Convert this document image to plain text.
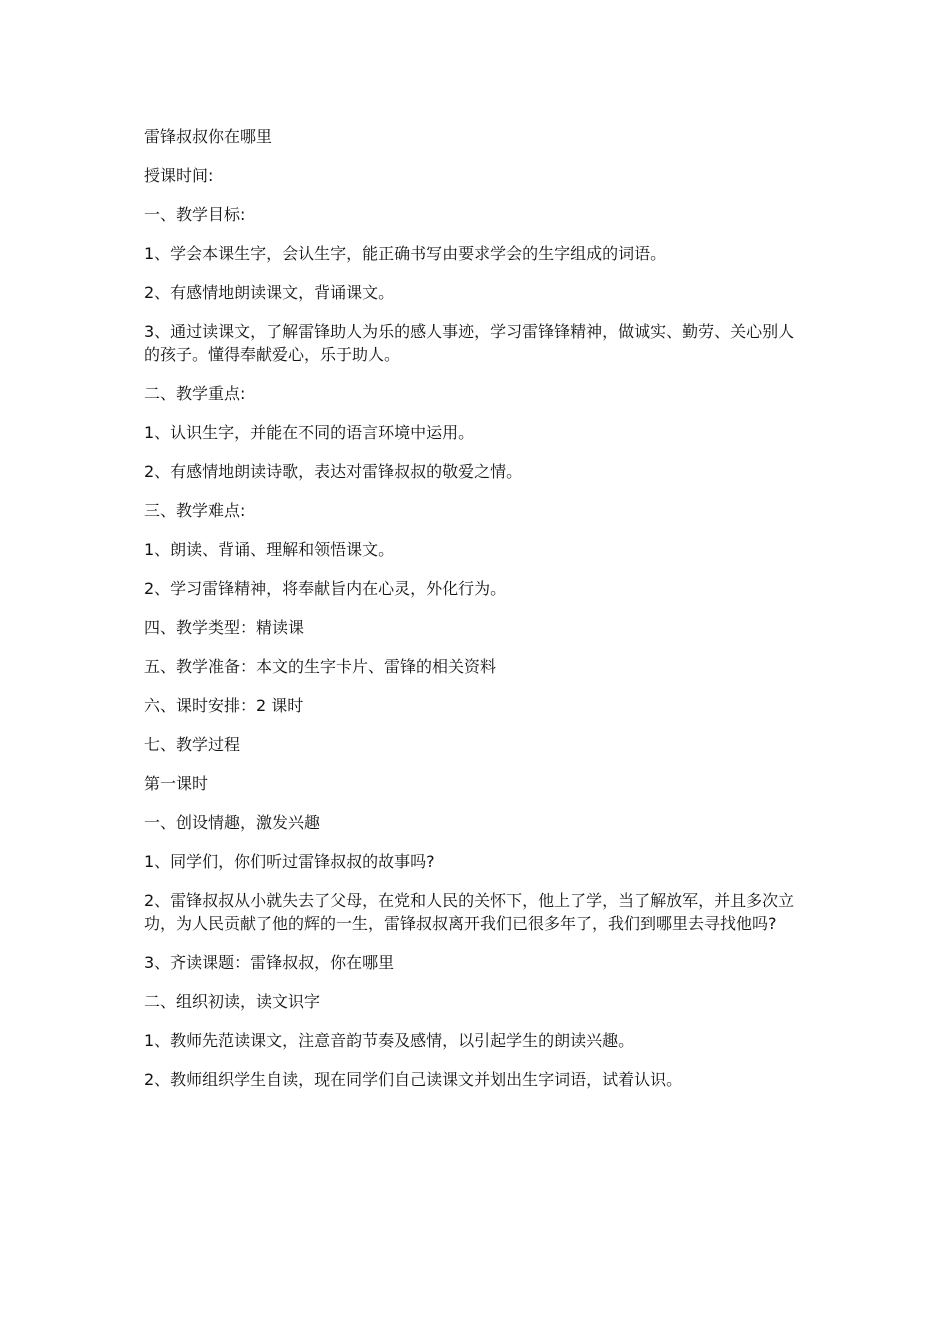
雷锋叔叔你在哪里

授课时间:

一、教学目标:

1、学会本课生字，会认生字，能正确书写由要求学会的生字组成的词语。

2、有感情地朗读课文，背诵课文。

3、通过读课文，了解雷锋助人为乐的感人事迹，学习雷锋锋精神，做诚实、勤劳、关心别人的孩子。懂得奉献爱心，乐于助人。

二、教学重点:

1、认识生字，并能在不同的语言环境中运用。

2、有感情地朗读诗歌，表达对雷锋叔叔的敬爱之情。

三、教学难点:

1、朗读、背诵、理解和领悟课文。

2、学习雷锋精神，将奉献旨内在心灵，外化行为。

四、教学类型：精读课

五、教学准备：本文的生字卡片、雷锋的相关资料

六、课时安排：2 课时

七、教学过程

第一课时

一、创设情趣，激发兴趣

1、同学们，你们听过雷锋叔叔的故事吗?

2、雷锋叔叔从小就失去了父母，在党和人民的关怀下，他上了学，当了解放军，并且多次立功，为人民贡献了他的辉的一生，雷锋叔叔离开我们已很多年了，我们到哪里去寻找他吗?

3、齐读课题：雷锋叔叔，你在哪里

二、组织初读，读文识字

1、教师先范读课文，注意音韵节奏及感情，以引起学生的朗读兴趣。

2、教师组织学生自读，现在同学们自己读课文并划出生字词语，试着认识。
